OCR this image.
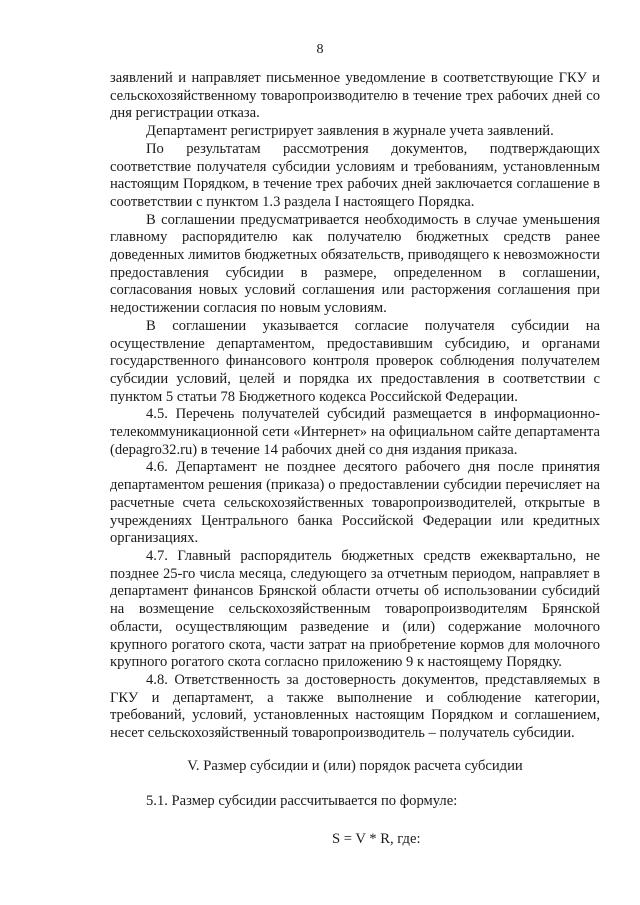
8

заявлений и направляет письменное уведомление в соответствующие ГКУ и сельскохозяйственному товаропроизводителю в течение трех рабочих дней со дня регистрации отказа.

Департамент регистрирует заявления в журнале учета заявлений.

По результатам рассмотрения документов, подтверждающих соответствие получателя субсидии условиям и требованиям, установленным настоящим Порядком, в течение трех рабочих дней заключается соглашение в соответствии с пунктом 1.3 раздела I настоящего Порядка.

В соглашении предусматривается необходимость в случае уменьшения главному распорядителю как получателю бюджетных средств ранее доведенных лимитов бюджетных обязательств, приводящего к невозможности предоставления субсидии в размере, определенном в соглашении, согласования новых условий соглашения или расторжения соглашения при недостижении согласия по новым условиям.

В соглашении указывается согласие получателя субсидии на осуществление департаментом, предоставившим субсидию, и органами государственного финансового контроля проверок соблюдения получателем субсидии условий, целей и порядка их предоставления в соответствии с пунктом 5 статьи 78 Бюджетного кодекса Российской Федерации.

4.5. Перечень получателей субсидий размещается в информационно-телекоммуникационной сети «Интернет» на официальном сайте департамента (depagro32.ru) в течение 14 рабочих дней со дня издания приказа.

4.6. Департамент не позднее десятого рабочего дня после принятия департаментом решения (приказа) о предоставлении субсидии перечисляет на расчетные счета сельскохозяйственных товаропроизводителей, открытые в учреждениях Центрального банка Российской Федерации или кредитных организациях.

4.7. Главный распорядитель бюджетных средств ежеквартально, не позднее 25-го числа месяца, следующего за отчетным периодом, направляет в департамент финансов Брянской области отчеты об использовании субсидий на возмещение сельскохозяйственным товаропроизводителям Брянской области, осуществляющим разведение и (или) содержание молочного крупного рогатого скота, части затрат на приобретение кормов для молочного крупного рогатого скота согласно приложению 9 к настоящему Порядку.

4.8. Ответственность за достоверность документов, представляемых в ГКУ и департамент, а также выполнение и соблюдение категории, требований, условий, установленных настоящим Порядком и соглашением, несет сельскохозяйственный товаропроизводитель – получатель субсидии.

V. Размер субсидии и (или) порядок расчета субсидии

5.1. Размер субсидии рассчитывается по формуле:

S = V * R, где:
